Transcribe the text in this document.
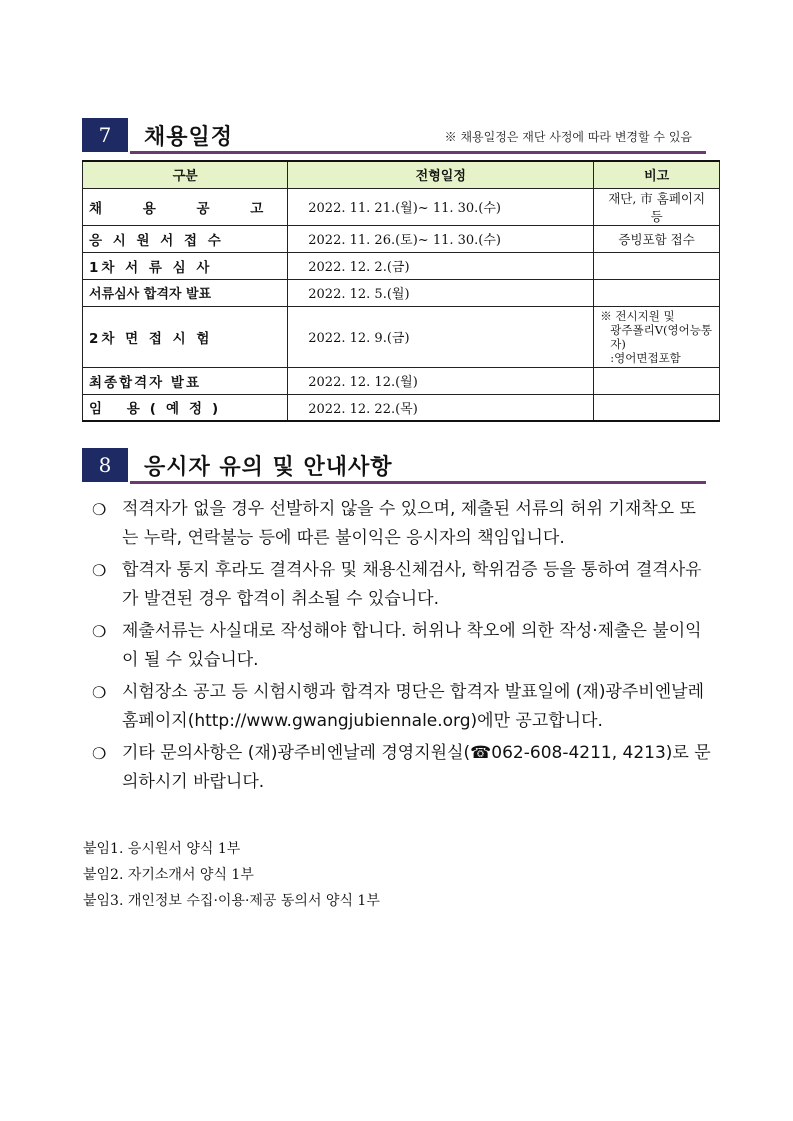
7	채용일정	※ 채용일정은 재단 사정에 따라 변경할 수 있음
구분	전형일정	비고
채 용 공 고	2022. 11. 21.(월)~ 11. 30.(수)	재단, 市 홈페이지 등
응 시 원 서 접 수	2022. 11. 26.(토)~ 11. 30.(수)	증빙포함 접수
1차 서 류 심 사	2022. 12. 2.(금)	
서류심사 합격자 발표	2022. 12. 5.(월)	
2차 면 접 시 험	2022. 12. 9.(금)	※ 전시지원 및
광주폴리V(영어능통자)
:영어면접포함

최종합격자 발표	2022. 12. 12.(월)	
임 용(예정)	2022. 12. 22.(목)	
8	응시자 유의 및 안내사항
❍ 적격자가 없을 경우 선발하지 않을 수 있으며, 제출된 서류의 허위 기재착오 또는 누락, 연락불능 등에 따른 불이익은 응시자의 책임입니다.
❍ 합격자 통지 후라도 결격사유 및 채용신체검사, 학위검증 등을 통하여 결격사유가 발견된 경우 합격이 취소될 수 있습니다.
❍ 제출서류는 사실대로 작성해야 합니다. 허위나 착오에 의한 작성·제출은 불이익이 될 수 있습니다.
❍ 시험장소 공고 등 시험시행과 합격자 명단은 합격자 발표일에 (재)광주비엔날레홈페이지(http://www.gwangjubiennale.org)에만 공고합니다.
❍ 기타 문의사항은 (재)광주비엔날레 경영지원실(☎062-608-4211, 4213)로 문의하시기 바랍니다.
붙임1. 응시원서 양식 1부
붙임2. 자기소개서 양식 1부
붙임3. 개인정보 수집·이용·제공 동의서 양식 1부
